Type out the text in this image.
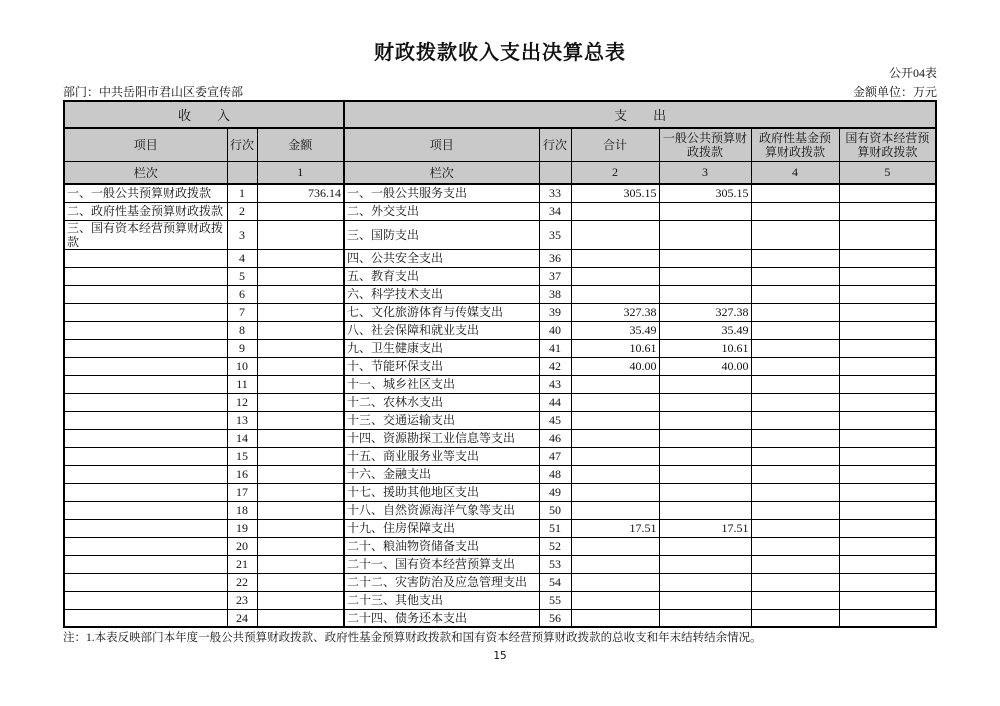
财政拨款收入支出决算总表
公开04表
部门：中共岳阳市君山区委宣传部	金额单位：万元
收　　入			支　　出					
项目	行次	金额	项目	行次	合计	一般公共预算财政拨款	政府性基金预算财政拨款	国有资本经营预算财政拨款
栏次		1	栏次		2	3	4	5
一、一般公共预算财政拨款	1	736.14	一、一般公共服务支出	33	305.15	305.15		
二、政府性基金预算财政拨款	2		二、外交支出	34				
三、国有资本经营预算财政拨款	3		三、国防支出	35				
	4		四、公共安全支出	36				
	5		五、教育支出	37				
	6		六、科学技术支出	38				
	7		七、文化旅游体育与传媒支出	39	327.38	327.38		
	8		八、社会保障和就业支出	40	35.49	35.49		
	9		九、卫生健康支出	41	10.61	10.61		
	10		十、节能环保支出	42	40.00	40.00		
	11		十一、城乡社区支出	43				
	12		十二、农林水支出	44				
	13		十三、交通运输支出	45				
	14		十四、资源勘探工业信息等支出	46				
	15		十五、商业服务业等支出	47				
	16		十六、金融支出	48				
	17		十七、援助其他地区支出	49				
	18		十八、自然资源海洋气象等支出	50				
	19		十九、住房保障支出	51	17.51	17.51		
	20		二十、粮油物资储备支出	52				
	21		二十一、国有资本经营预算支出	53				
	22		二十二、灾害防治及应急管理支出	54				
	23		二十三、其他支出	55				
	24		二十四、债务还本支出	56				
注：1.本表反映部门本年度一般公共预算财政拨款、政府性基金预算财政拨款和国有资本经营预算财政拨款的总收支和年末结转结余情况。
15
